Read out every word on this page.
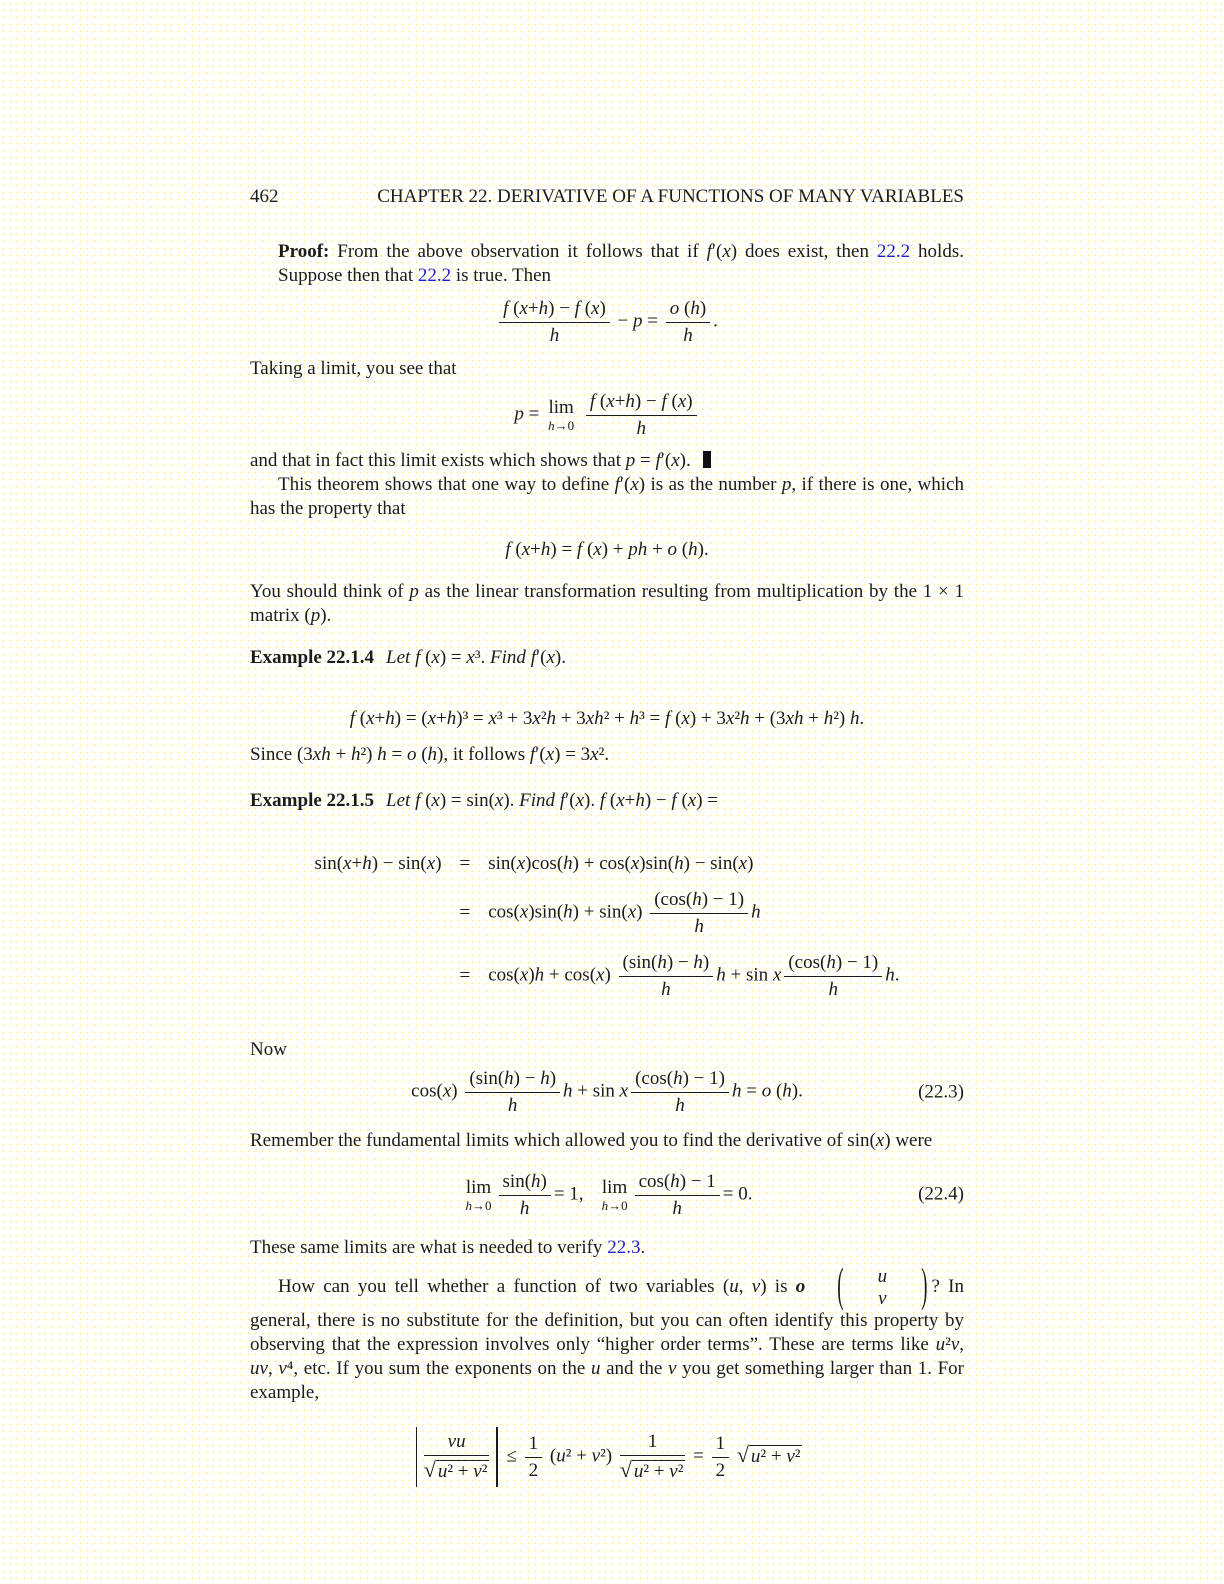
462	CHAPTER 22. DERIVATIVE OF A FUNCTIONS OF MANY VARIABLES

Proof: From the above observation it follows that if f′(x) does exist, then 22.2 holds. Suppose then that 22.2 is true. Then

$\frac{f (x+h) - f (x)}{h} - p = \frac{o (h)}{h}$ .

Taking a limit, you see that

p = lim
h→0
$\frac{f (x+h) - f (x)}{h}$

and that in fact this limit exists which shows that p = f′(x).

This theorem shows that one way to define f′(x) is as the number p, if there is one, which has the property that

f (x+h) = f (x) + ph + o (h).

You should think of p as the linear transformation resulting from multiplication by the 1 × 1 matrix (p).

Example 22.1.4 Let f (x) = x³. Find f′(x).

f (x+h) = (x+h)³ = x³ + 3x²h + 3xh² + h³ = f (x) + 3x²h + (3xh + h²) h.

Since (3xh + h²) h = o (h), it follows f′(x) = 3x².

Example 22.1.5 Let f (x) = sin(x). Find f′(x). f (x+h) − f (x) =

sin(x+h) − sin(x) = sin(x)cos(h) + cos(x)sin(h) − sin(x)
= $\cos(x)\sin(h) + \sin(x) \frac{(\cos(h) - 1)}{h}$ h
= $\cos(x)h + \cos(x) \frac{(\sin(h) - h)}{h}$ h + sin x $\frac{(\cos(h) - 1)}{h} h$.

Now

$\cos(x) \frac{(\sin(h) - h)}{h}$ h + sin x $\frac{(\cos(h) - 1)}{h}$ h = o (h).	(22.3)

Remember the fundamental limits which allowed you to find the derivative of sin(x) were

lim
$h\to 0 \frac{\sin(h)}{h} = 1$, lim
$h\to 0 \frac{\cos(h) - 1}{h} = 0$.	(22.4)

These same limits are what is needed to verify 22.3.

How can you tell whether a function of two variables (u, v) is o	(	u
v	) ? In general, there is no substitute for the definition, but you can often identify this property by observing that the expression involves only “higher order terms”. These are terms like u²v, uv, v⁴, etc. If you sum the exponents on the u and the v you get something larger than 1. For example,

$\frac{vu}{\text{√ u² + v²}} \le \frac{1}{2} (u^2 + v^2) \frac{1}{\text{√ u² + v²}} = \frac{1}{2}$ √ u² + v²
